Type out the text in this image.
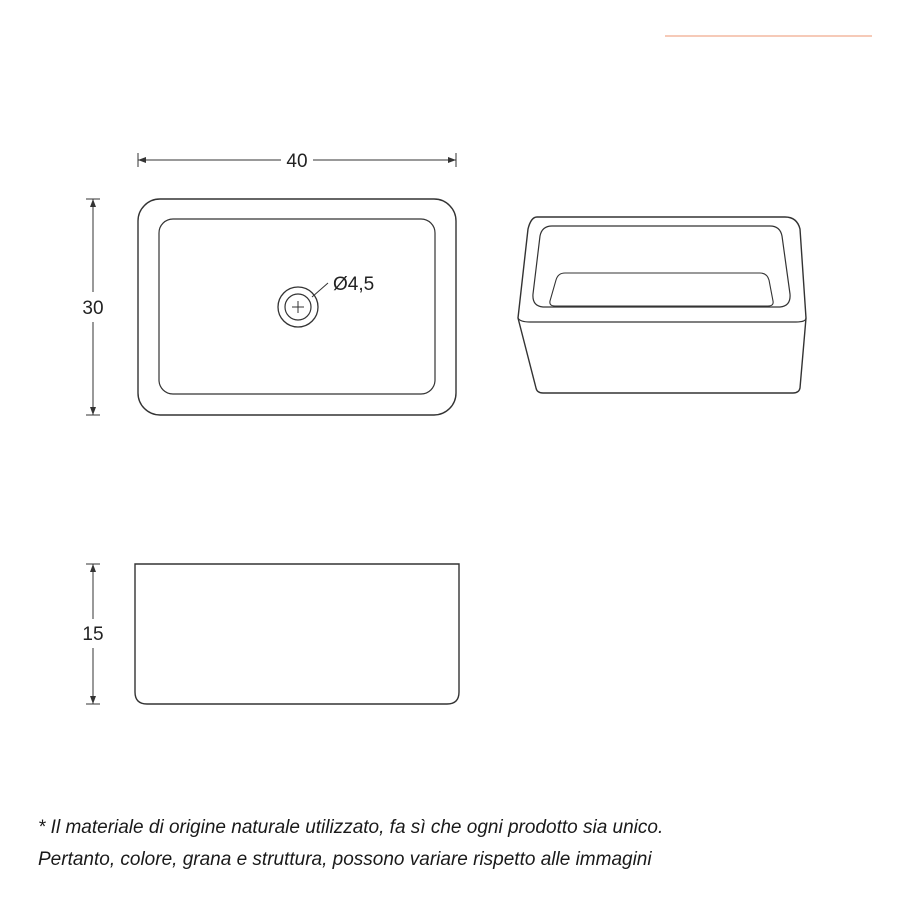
Ø4,5
40
30
15
* Il materiale di origine naturale utilizzato, fa sì che ogni prodotto sia unico.
Pertanto, colore, grana e struttura, possono variare rispetto alle immagini
